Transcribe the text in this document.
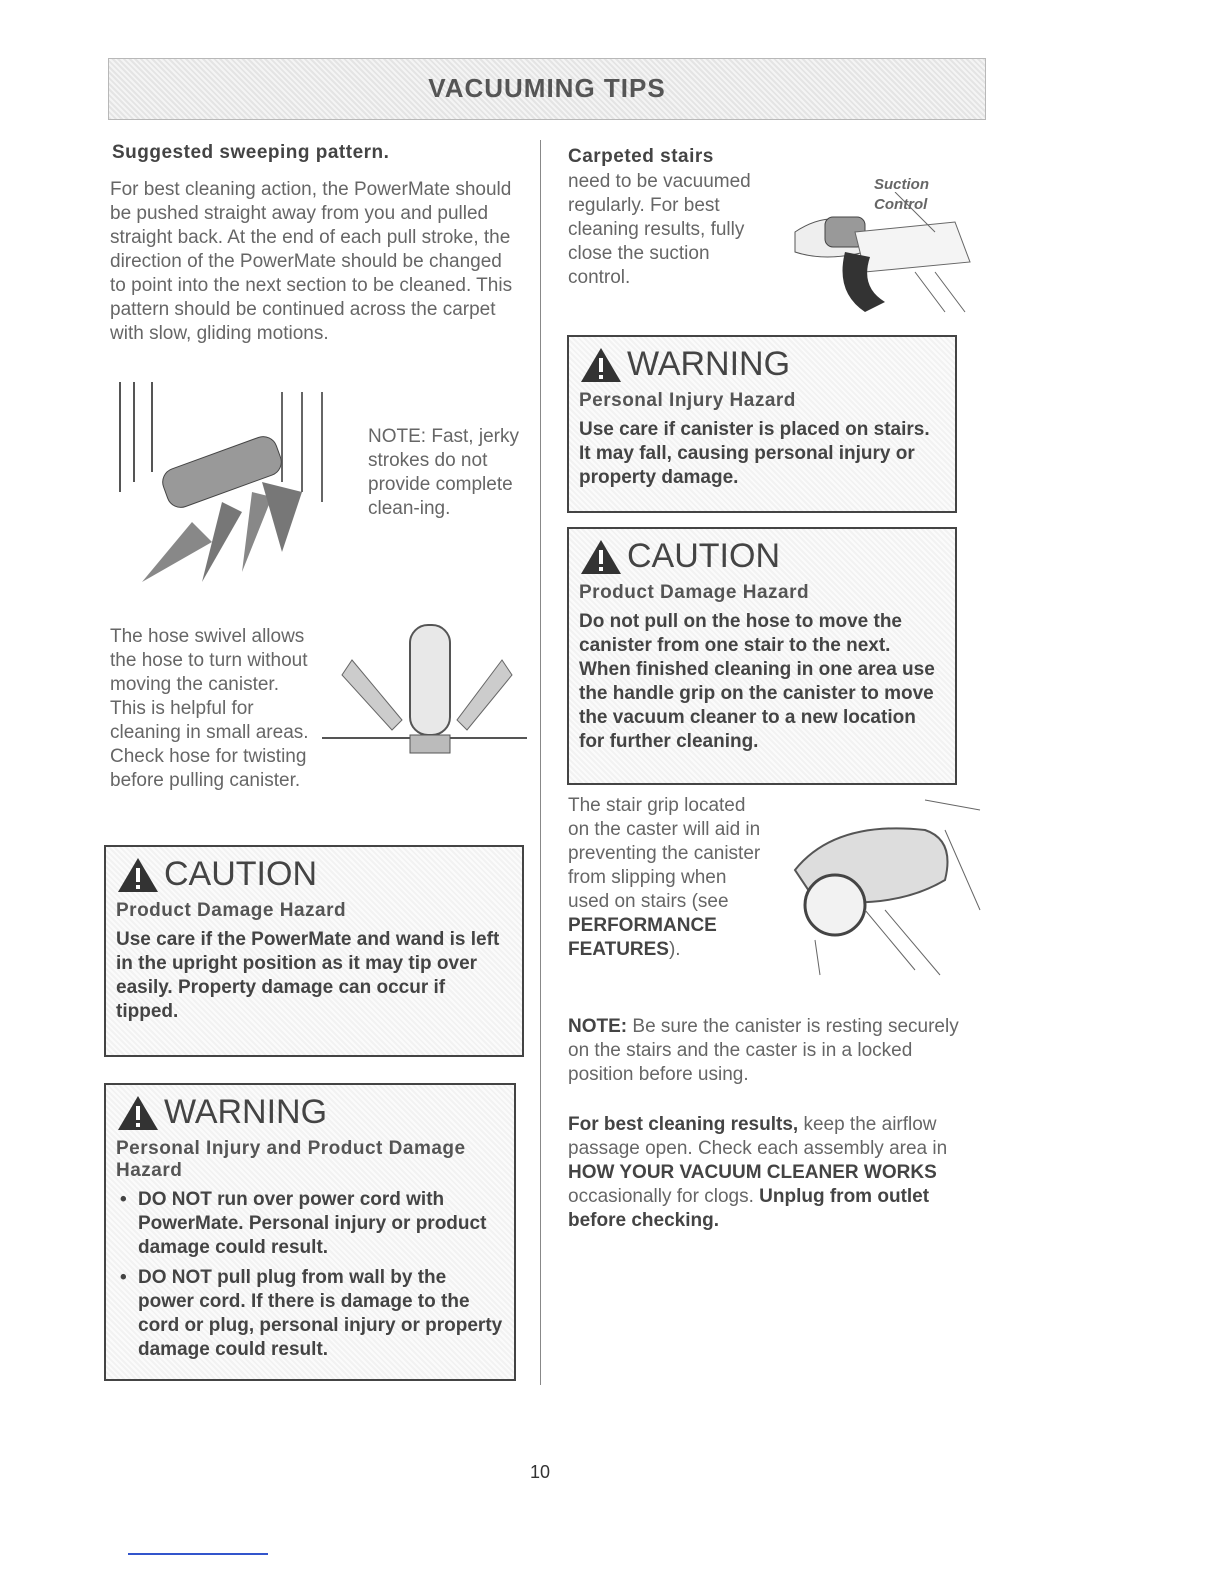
VACUUMING TIPS
Suggested sweeping pattern.
For best cleaning action, the PowerMate should be pushed straight away from you and pulled straight back. At the end of each pull stroke, the direction of the PowerMate should be changed to point into the next section to be cleaned. This pattern should be continued across the carpet with slow, gliding motions.
NOTE: Fast, jerky strokes do not provide complete clean-ing.
The hose swivel allows the hose to turn without moving the canister. This is helpful for cleaning in small areas. Check hose for twisting before pulling canister.
CAUTION
Product Damage Hazard
Use care if the PowerMate and wand is left in the upright position as it may tip over easily. Property damage can occur if tipped.
WARNING
Personal Injury and Product Damage Hazard
• DO NOT run over power cord with PowerMate. Personal injury or product damage could result.
• DO NOT pull plug from wall by the power cord. If there is damage to the cord or plug, personal injury or property damage could result.
Carpeted stairs
need to be vacuumed regularly. For best cleaning results, fully close the suction control.
Suction
Control
WARNING
Personal Injury Hazard
Use care if canister is placed on stairs. It may fall, causing personal injury or property damage.
CAUTION
Product Damage Hazard
Do not pull on the hose to move the canister from one stair to the next. When finished cleaning in one area use the handle grip on the canister to move the vacuum cleaner to a new location for further cleaning.
The stair grip located on the caster will aid in preventing the canister from slipping when used on stairs (see PERFORMANCE FEATURES).
NOTE: Be sure the canister is resting securely on the stairs and the caster is in a locked position before using.
For best cleaning results, keep the airflow passage open. Check each assembly area in HOW YOUR VACUUM CLEANER WORKS occasionally for clogs. Unplug from outlet before checking.
10
